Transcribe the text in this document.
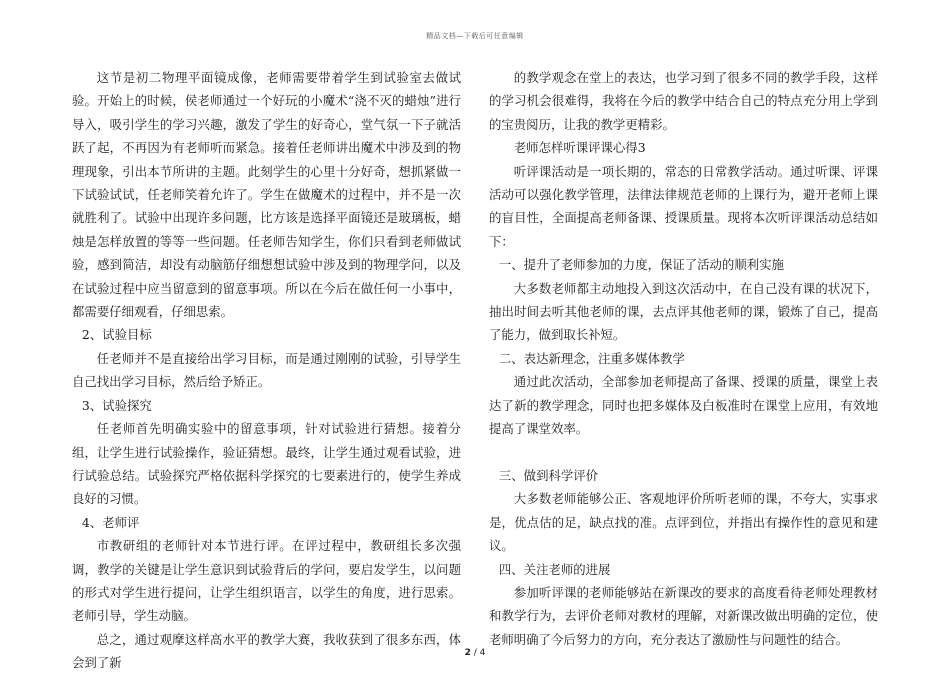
精品文档—下载后可任意编辑

这节是初二物理平面镜成像，老师需要带着学生到试验室去做试验。开始上的时候，侯老师通过一个好玩的小魔术“浇不灭的蜡烛”进行导入，吸引学生的学习兴趣，激发了学生的好奇心，堂气氛一下子就活跃了起，不再因为有老师听而紧急。接着任老师讲出魔术中涉及到的物理现象，引出本节所讲的主题。此刻学生的心里十分好奇，想抓紧做一下试验试试，任老师笑着允许了。学生在做魔术的过程中，并不是一次就胜利了。试验中出现许多问题，比方该是选择平面镜还是玻璃板，蜡烛是怎样放置的等等一些问题。任老师告知学生，你们只看到老师做试验，感到简洁，却没有动脑筋仔细想想试验中涉及到的物理学问，以及在试验过程中应当留意到的留意事项。所以在今后在做任何一小事中，都需要仔细观看，仔细思索。

2、试验目标

任老师并不是直接给出学习目标，而是通过刚刚的试验，引导学生自己找出学习目标，然后给予矫正。

3、试验探究

任老师首先明确实验中的留意事项，针对试验进行猜想。接着分组，让学生进行试验操作，验证猜想。最终，让学生通过观看试验，进行试验总结。试验探究严格依据科学探究的七要素进行的，使学生养成良好的习惯。

4、老师评

市教研组的老师针对本节进行评。在评过程中，教研组长多次强调，教学的关键是让学生意识到试验背后的学问，要启发学生，以问题的形式对学生进行提问，让学生组织语言，以学生的角度，进行思索。老师引导，学生动脑。

总之，通过观摩这样高水平的教学大赛，我收获到了很多东西，体会到了新

的教学观念在堂上的表达，也学习到了很多不同的教学手段，这样的学习机会很难得，我将在今后的教学中结合自己的特点充分用上学到的宝贵阅历，让我的教学更精彩。

老师怎样听课评课心得3

听评课活动是一项长期的，常态的日常教学活动。通过听课、评课活动可以强化教学管理，法律法律规范老师的上课行为，避开老师上课的盲目性，全面提高老师备课、授课质量。现将本次听评课活动总结如下：

一、提升了老师参加的力度，保证了活动的顺利实施

大多数老师都主动地投入到这次活动中，在自己没有课的状况下，抽出时间去听其他老师的课，去点评其他老师的课，锻炼了自己，提高了能力，做到取长补短。

二、表达新理念，注重多媒体教学

通过此次活动，全部参加老师提高了备课、授课的质量，课堂上表达了新的教学理念，同时也把多媒体及白板准时在课堂上应用，有效地提高了课堂效率。

三、做到科学评价

大多数老师能够公正、客观地评价所听老师的课，不夸大，实事求是，优点估的足，缺点找的准。点评到位，并指出有操作性的意见和建议。

四、关注老师的进展

参加听评课的老师能够站在新课改的要求的高度看待老师处理教材和教学行为，去评价老师对教材的理解，对新课改做出明确的定位，使老师明确了今后努力的方向，充分表达了激励性与问题性的结合。

2 / 4
